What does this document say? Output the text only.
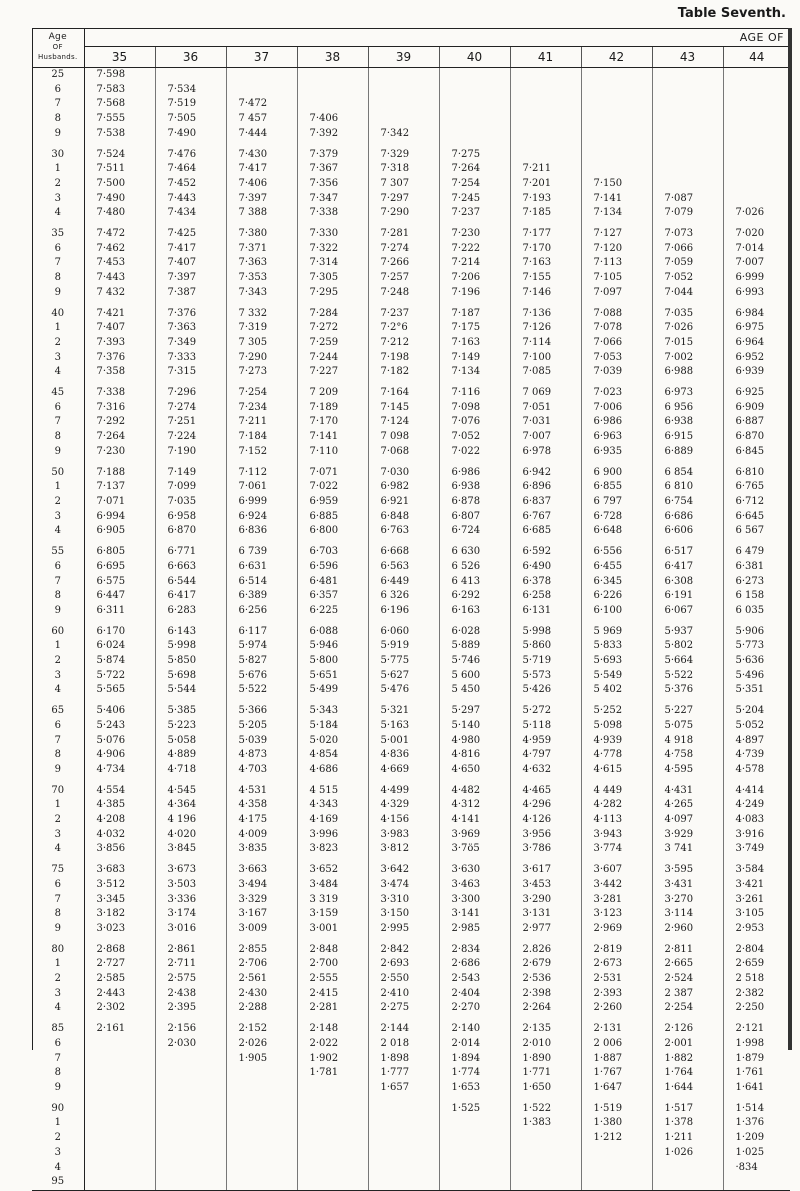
Table Seventh.
Age
OF
Husbands.	AGE OF									
	35	36	37	38	39	40	41	42	43	44
25	7·598									
6	7·583	7·534								
7	7·568	7·519	7·472							
8	7·555	7·505	7 457	7·406						
9	7·538	7·490	7·444	7·392	7·342					

30	7·524	7·476	7·430	7·379	7·329	7·275				
1	7·511	7·464	7·417	7·367	7·318	7·264	7·211			
2	7·500	7·452	7·406	7·356	7 307	7·254	7·201	7·150		
3	7·490	7·443	7·397	7·347	7·297	7·245	7·193	7·141	7·087	
4	7·480	7·434	7 388	7·338	7·290	7·237	7·185	7·134	7·079	7·026

35	7·472	7·425	7·380	7·330	7·281	7·230	7·177	7·127	7·073	7·020
6	7·462	7·417	7·371	7·322	7·274	7·222	7·170	7·120	7·066	7·014
7	7·453	7·407	7·363	7·314	7·266	7·214	7·163	7·113	7·059	7·007
8	7·443	7·397	7·353	7·305	7·257	7·206	7·155	7·105	7·052	6·999
9	7 432	7·387	7·343	7·295	7·248	7·196	7·146	7·097	7·044	6·993

40	7·421	7·376	7 332	7·284	7·237	7·187	7·136	7·088	7·035	6·984
1	7·407	7·363	7·319	7·272	7·2°6	7·175	7·126	7·078	7·026	6·975
2	7·393	7·349	7 305	7·259	7·212	7·163	7·114	7·066	7·015	6·964
3	7·376	7·333	7·290	7·244	7·198	7·149	7·100	7·053	7·002	6·952
4	7·358	7·315	7·273	7·227	7·182	7·134	7·085	7·039	6·988	6·939

45	7·338	7·296	7·254	7 209	7·164	7·116	7 069	7·023	6·973	6·925
6	7·316	7·274	7·234	7·189	7·145	7·098	7·051	7·006	6 956	6·909
7	7·292	7·251	7·211	7·170	7·124	7·076	7·031	6·986	6·938	6·887
8	7·264	7·224	7·184	7·141	7 098	7·052	7·007	6·963	6·915	6·870
9	7·230	7·190	7·152	7·110	7·068	7·022	6·978	6·935	6·889	6·845

50	7·188	7·149	7·112	7·071	7·030	6·986	6·942	6 900	6 854	6·810
1	7·137	7·099	7·061	7·022	6·982	6·938	6·896	6·855	6 810	6·765
2	7·071	7·035	6·999	6·959	6·921	6·878	6·837	6 797	6·754	6·712
3	6·994	6·958	6·924	6·885	6·848	6·807	6·767	6·728	6·686	6·645
4	6·905	6·870	6·836	6·800	6·763	6·724	6·685	6·648	6·606	6 567

55	6·805	6·771	6 739	6·703	6·668	6 630	6·592	6·556	6·517	6 479
6	6·695	6·663	6·631	6·596	6·563	6 526	6·490	6·455	6·417	6·381
7	6·575	6·544	6·514	6·481	6·449	6 413	6·378	6·345	6·308	6·273
8	6·447	6·417	6·389	6·357	6 326	6·292	6·258	6·226	6·191	6 158
9	6·311	6·283	6·256	6·225	6·196	6·163	6·131	6·100	6·067	6 035

60	6·170	6·143	6·117	6·088	6·060	6·028	5·998	5 969	5·937	5·906
1	6·024	5·998	5·974	5·946	5·919	5·889	5·860	5·833	5·802	5·773
2	5·874	5·850	5·827	5·800	5·775	5·746	5·719	5·693	5·664	5·636
3	5·722	5·698	5·676	5·651	5·627	5 600	5·573	5·549	5·522	5·496
4	5·565	5·544	5·522	5·499	5·476	5 450	5·426	5 402	5·376	5·351

65	5·406	5·385	5·366	5·343	5·321	5·297	5·272	5·252	5·227	5·204
6	5·243	5·223	5·205	5·184	5·163	5·140	5·118	5·098	5·075	5·052
7	5·076	5·058	5·039	5·020	5·001	4·980	4·959	4·939	4 918	4·897
8	4·906	4·889	4·873	4·854	4·836	4·816	4·797	4·778	4·758	4·739
9	4·734	4·718	4·703	4·686	4·669	4·650	4·632	4·615	4·595	4·578

70	4·554	4·545	4·531	4 515	4·499	4·482	4·465	4 449	4·431	4·414
1	4·385	4·364	4·358	4·343	4·329	4·312	4·296	4·282	4·265	4·249
2	4·208	4 196	4·175	4·169	4·156	4·141	4·126	4·113	4·097	4·083
3	4·032	4·020	4·009	3·996	3·983	3·969	3·956	3·943	3·929	3·916
4	3·856	3·845	3·835	3·823	3·812	3·7ö5	3·786	3·774	3 741	3·749

75	3·683	3·673	3·663	3·652	3·642	3·630	3·617	3·607	3·595	3·584
6	3·512	3·503	3·494	3·484	3·474	3·463	3·453	3·442	3·431	3·421
7	3·345	3·336	3·329	3 319	3·310	3·300	3·290	3·281	3·270	3·261
8	3·182	3·174	3·167	3·159	3·150	3·141	3·131	3·123	3·114	3·105
9	3·023	3·016	3·009	3·001	2·995	2·985	2·977	2·969	2·960	2·953

80	2·868	2·861	2·855	2·848	2·842	2·834	2.826	2·819	2·811	2·804
1	2·727	2·711	2·706	2·700	2·693	2·686	2·679	2·673	2·665	2·659
2	2·585	2·575	2·561	2·555	2·550	2·543	2·536	2·531	2·524	2 518
3	2·443	2·438	2·430	2·415	2·410	2·404	2·398	2·393	2 387	2·382
4	2·302	2·395	2·288	2·281	2·275	2·270	2·264	2·260	2·254	2·250

85	2·161	2·156	2·152	2·148	2·144	2·140	2·135	2·131	2·126	2·121
6		2·030	2·026	2·022	2 018	2·014	2·010	2 006	2·001	1·998
7			1·905	1·902	1·898	1·894	1·890	1·887	1·882	1·879
8				1·781	1·777	1·774	1·771	1·767	1·764	1·761
9					1·657	1·653	1·650	1·647	1·644	1·641

90						1·525	1·522	1·519	1·517	1·514
1							1·383	1·380	1·378	1·376
2								1·212	1·211	1·209
3									1·026	1·025
4										·834
95										
